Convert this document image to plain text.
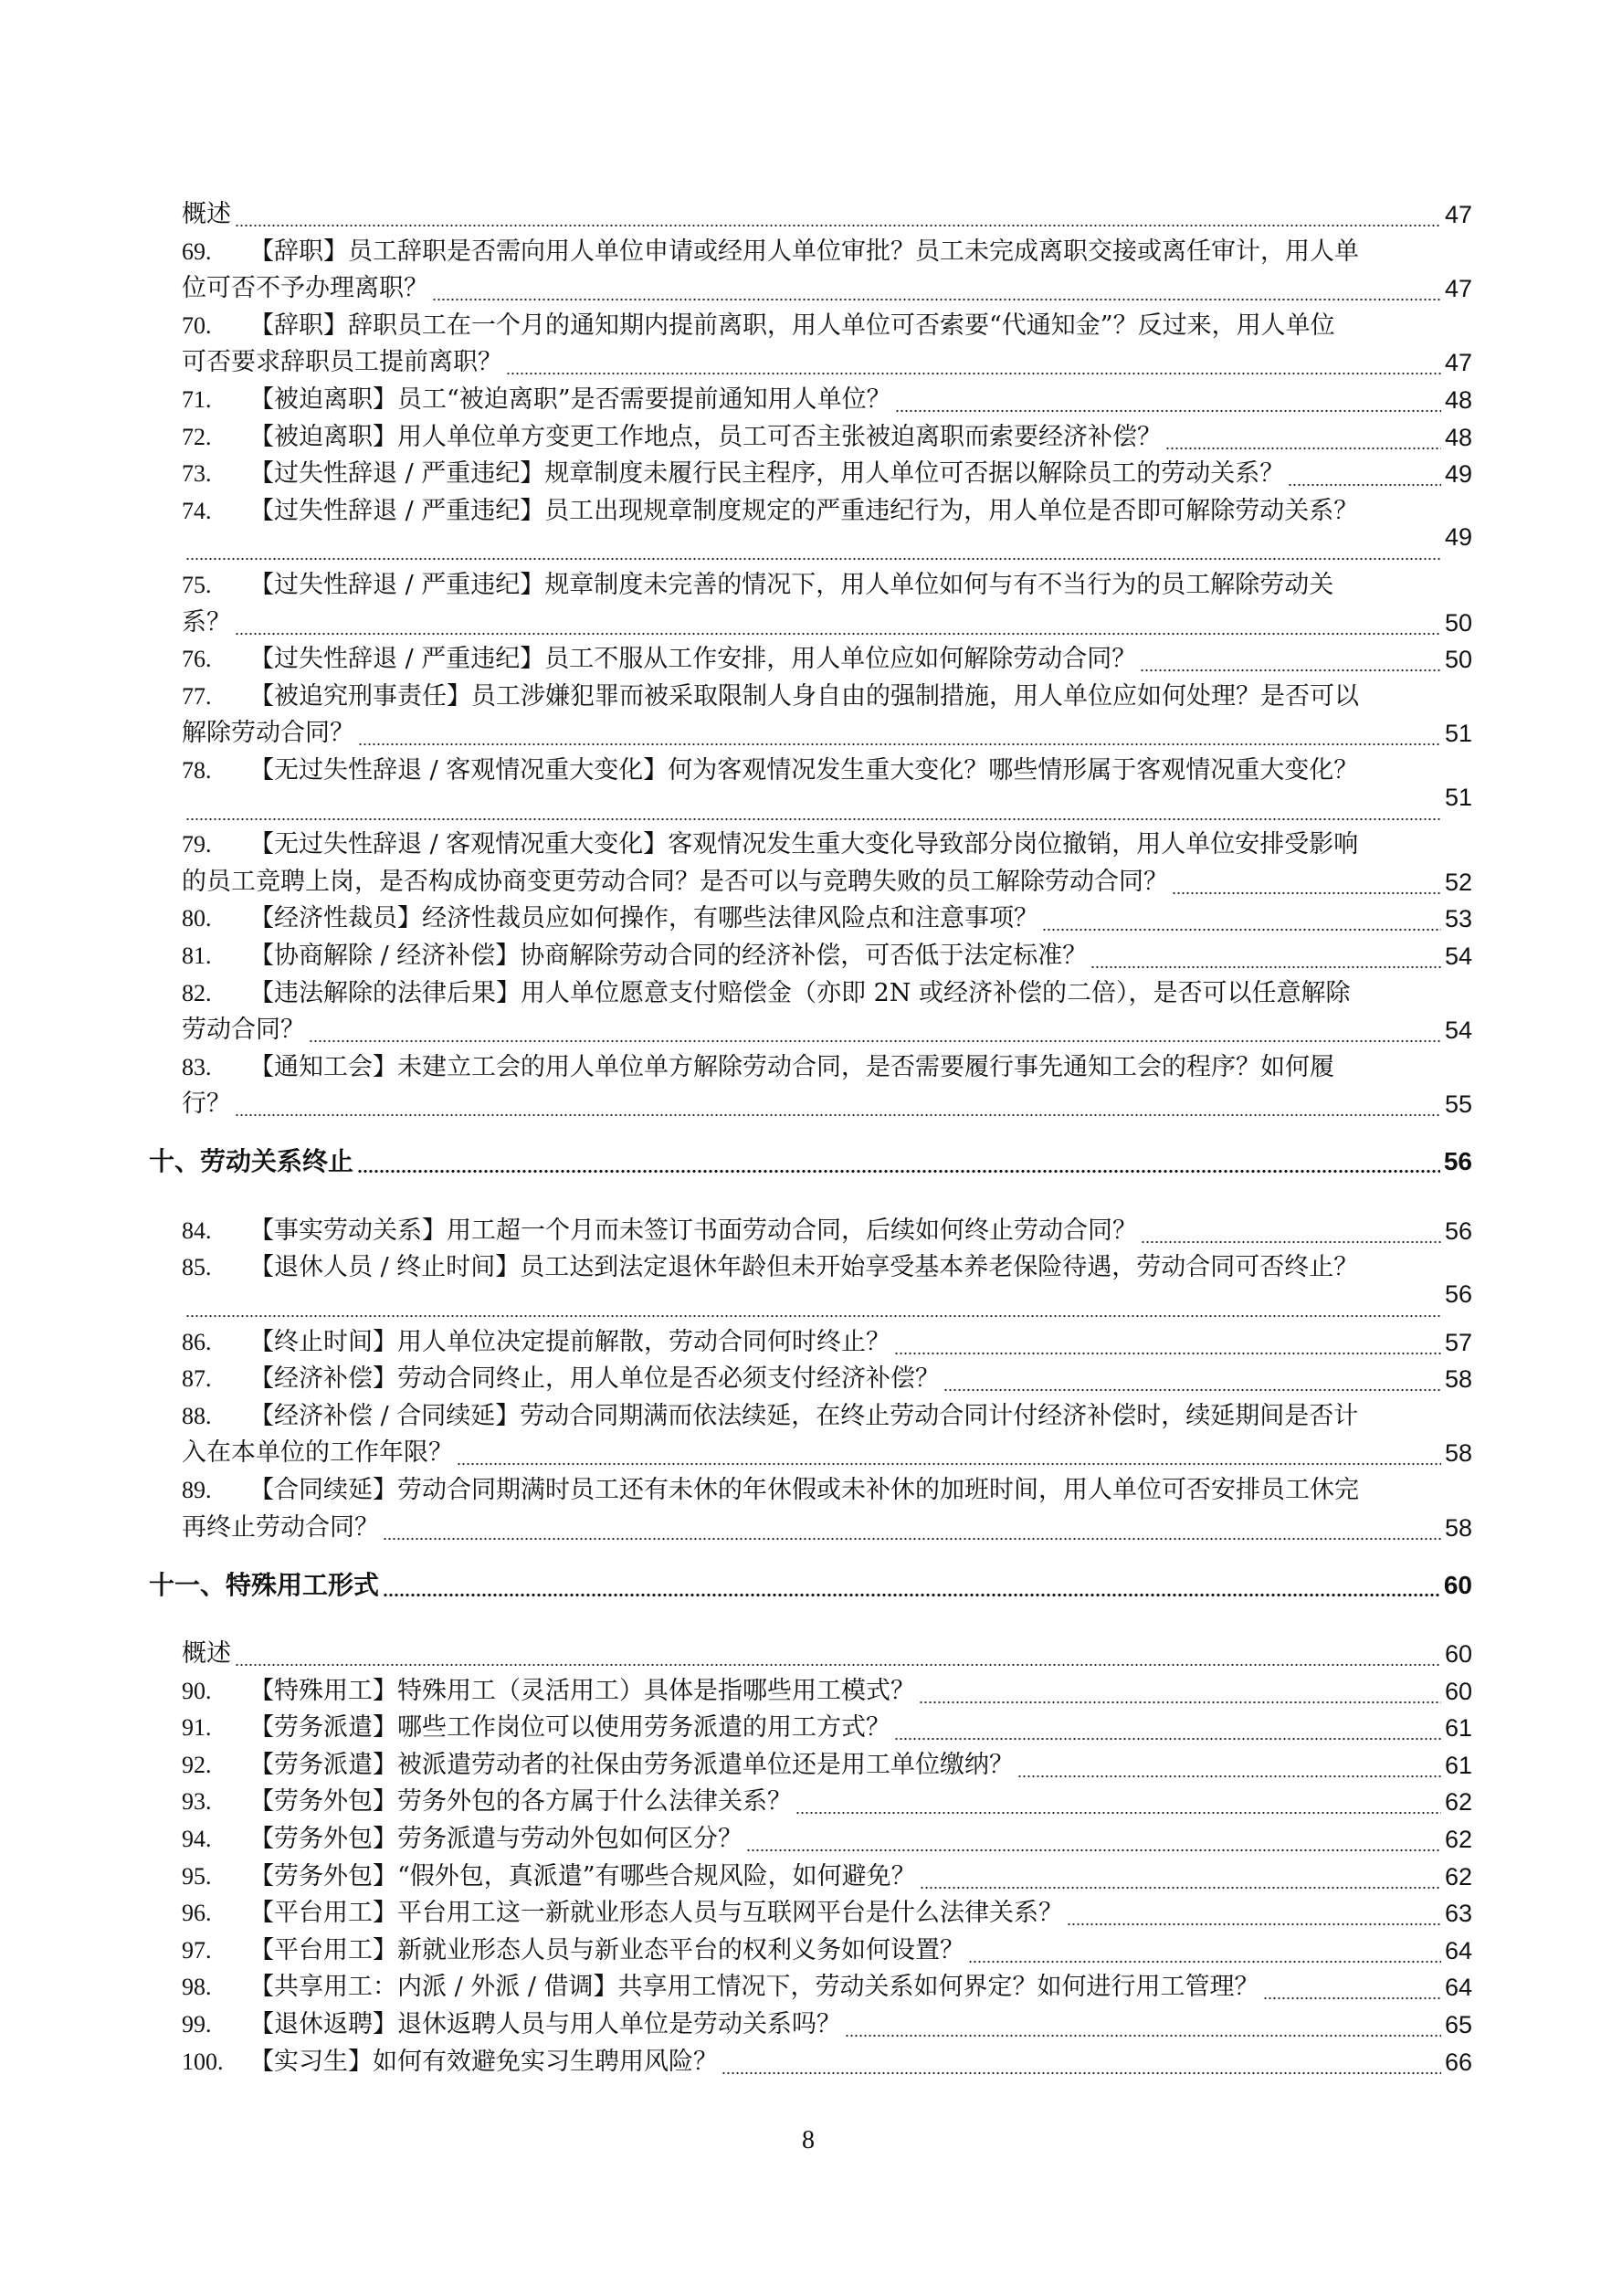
概述	47
69.	【辞职】员工辞职是否需向用人单位申请或经用人单位审批？员工未完成离职交接或离任审计，用人单
位可否不予办理离职？	47
70.	【辞职】辞职员工在一个月的通知期内提前离职，用人单位可否索要“代通知金”？反过来，用人单位
可否要求辞职员工提前离职？	47
71.	【被迫离职】员工“被迫离职”是否需要提前通知用人单位？	48
72.	【被迫离职】用人单位单方变更工作地点，员工可否主张被迫离职而索要经济补偿？	48
73.	【过失性辞退 / 严重违纪】规章制度未履行民主程序，用人单位可否据以解除员工的劳动关系？	49
74.	【过失性辞退 / 严重违纪】员工出现规章制度规定的严重违纪行为，用人单位是否即可解除劳动关系？
49
75.	【过失性辞退 / 严重违纪】规章制度未完善的情况下，用人单位如何与有不当行为的员工解除劳动关
系？	50
76.	【过失性辞退 / 严重违纪】员工不服从工作安排，用人单位应如何解除劳动合同？	50
77.	【被追究刑事责任】员工涉嫌犯罪而被采取限制人身自由的强制措施，用人单位应如何处理？是否可以
解除劳动合同？	51
78.	【无过失性辞退 / 客观情况重大变化】何为客观情况发生重大变化？哪些情形属于客观情况重大变化？
51
79.	【无过失性辞退 / 客观情况重大变化】客观情况发生重大变化导致部分岗位撤销，用人单位安排受影响
的员工竞聘上岗，是否构成协商变更劳动合同？是否可以与竞聘失败的员工解除劳动合同？	52
80.	【经济性裁员】经济性裁员应如何操作，有哪些法律风险点和注意事项？	53
81.	【协商解除 / 经济补偿】协商解除劳动合同的经济补偿，可否低于法定标准？	54
82.	【违法解除的法律后果】用人单位愿意支付赔偿金（亦即 2N 或经济补偿的二倍），是否可以任意解除
劳动合同？	54
83.	【通知工会】未建立工会的用人单位单方解除劳动合同，是否需要履行事先通知工会的程序？如何履
行？	55
十、劳动关系终止	56
84.	【事实劳动关系】用工超一个月而未签订书面劳动合同，后续如何终止劳动合同？	56
85.	【退休人员 / 终止时间】员工达到法定退休年龄但未开始享受基本养老保险待遇，劳动合同可否终止？
56
86.	【终止时间】用人单位决定提前解散，劳动合同何时终止？	57
87.	【经济补偿】劳动合同终止，用人单位是否必须支付经济补偿？	58
88.	【经济补偿 / 合同续延】劳动合同期满而依法续延，在终止劳动合同计付经济补偿时，续延期间是否计
入在本单位的工作年限？	58
89.	【合同续延】劳动合同期满时员工还有未休的年休假或未补休的加班时间，用人单位可否安排员工休完
再终止劳动合同？	58
十一、特殊用工形式	60
概述	60
90.	【特殊用工】特殊用工（灵活用工）具体是指哪些用工模式？	60
91.	【劳务派遣】哪些工作岗位可以使用劳务派遣的用工方式？	61
92.	【劳务派遣】被派遣劳动者的社保由劳务派遣单位还是用工单位缴纳？	61
93.	【劳务外包】劳务外包的各方属于什么法律关系？	62
94.	【劳务外包】劳务派遣与劳动外包如何区分？	62
95.	【劳务外包】“假外包，真派遣”有哪些合规风险，如何避免？	62
96.	【平台用工】平台用工这一新就业形态人员与互联网平台是什么法律关系？	63
97.	【平台用工】新就业形态人员与新业态平台的权利义务如何设置？	64
98.	【共享用工：内派 / 外派 / 借调】共享用工情况下，劳动关系如何界定？如何进行用工管理？	64
99.	【退休返聘】退休返聘人员与用人单位是劳动关系吗？	65
100.	【实习生】如何有效避免实习生聘用风险？	66
8
